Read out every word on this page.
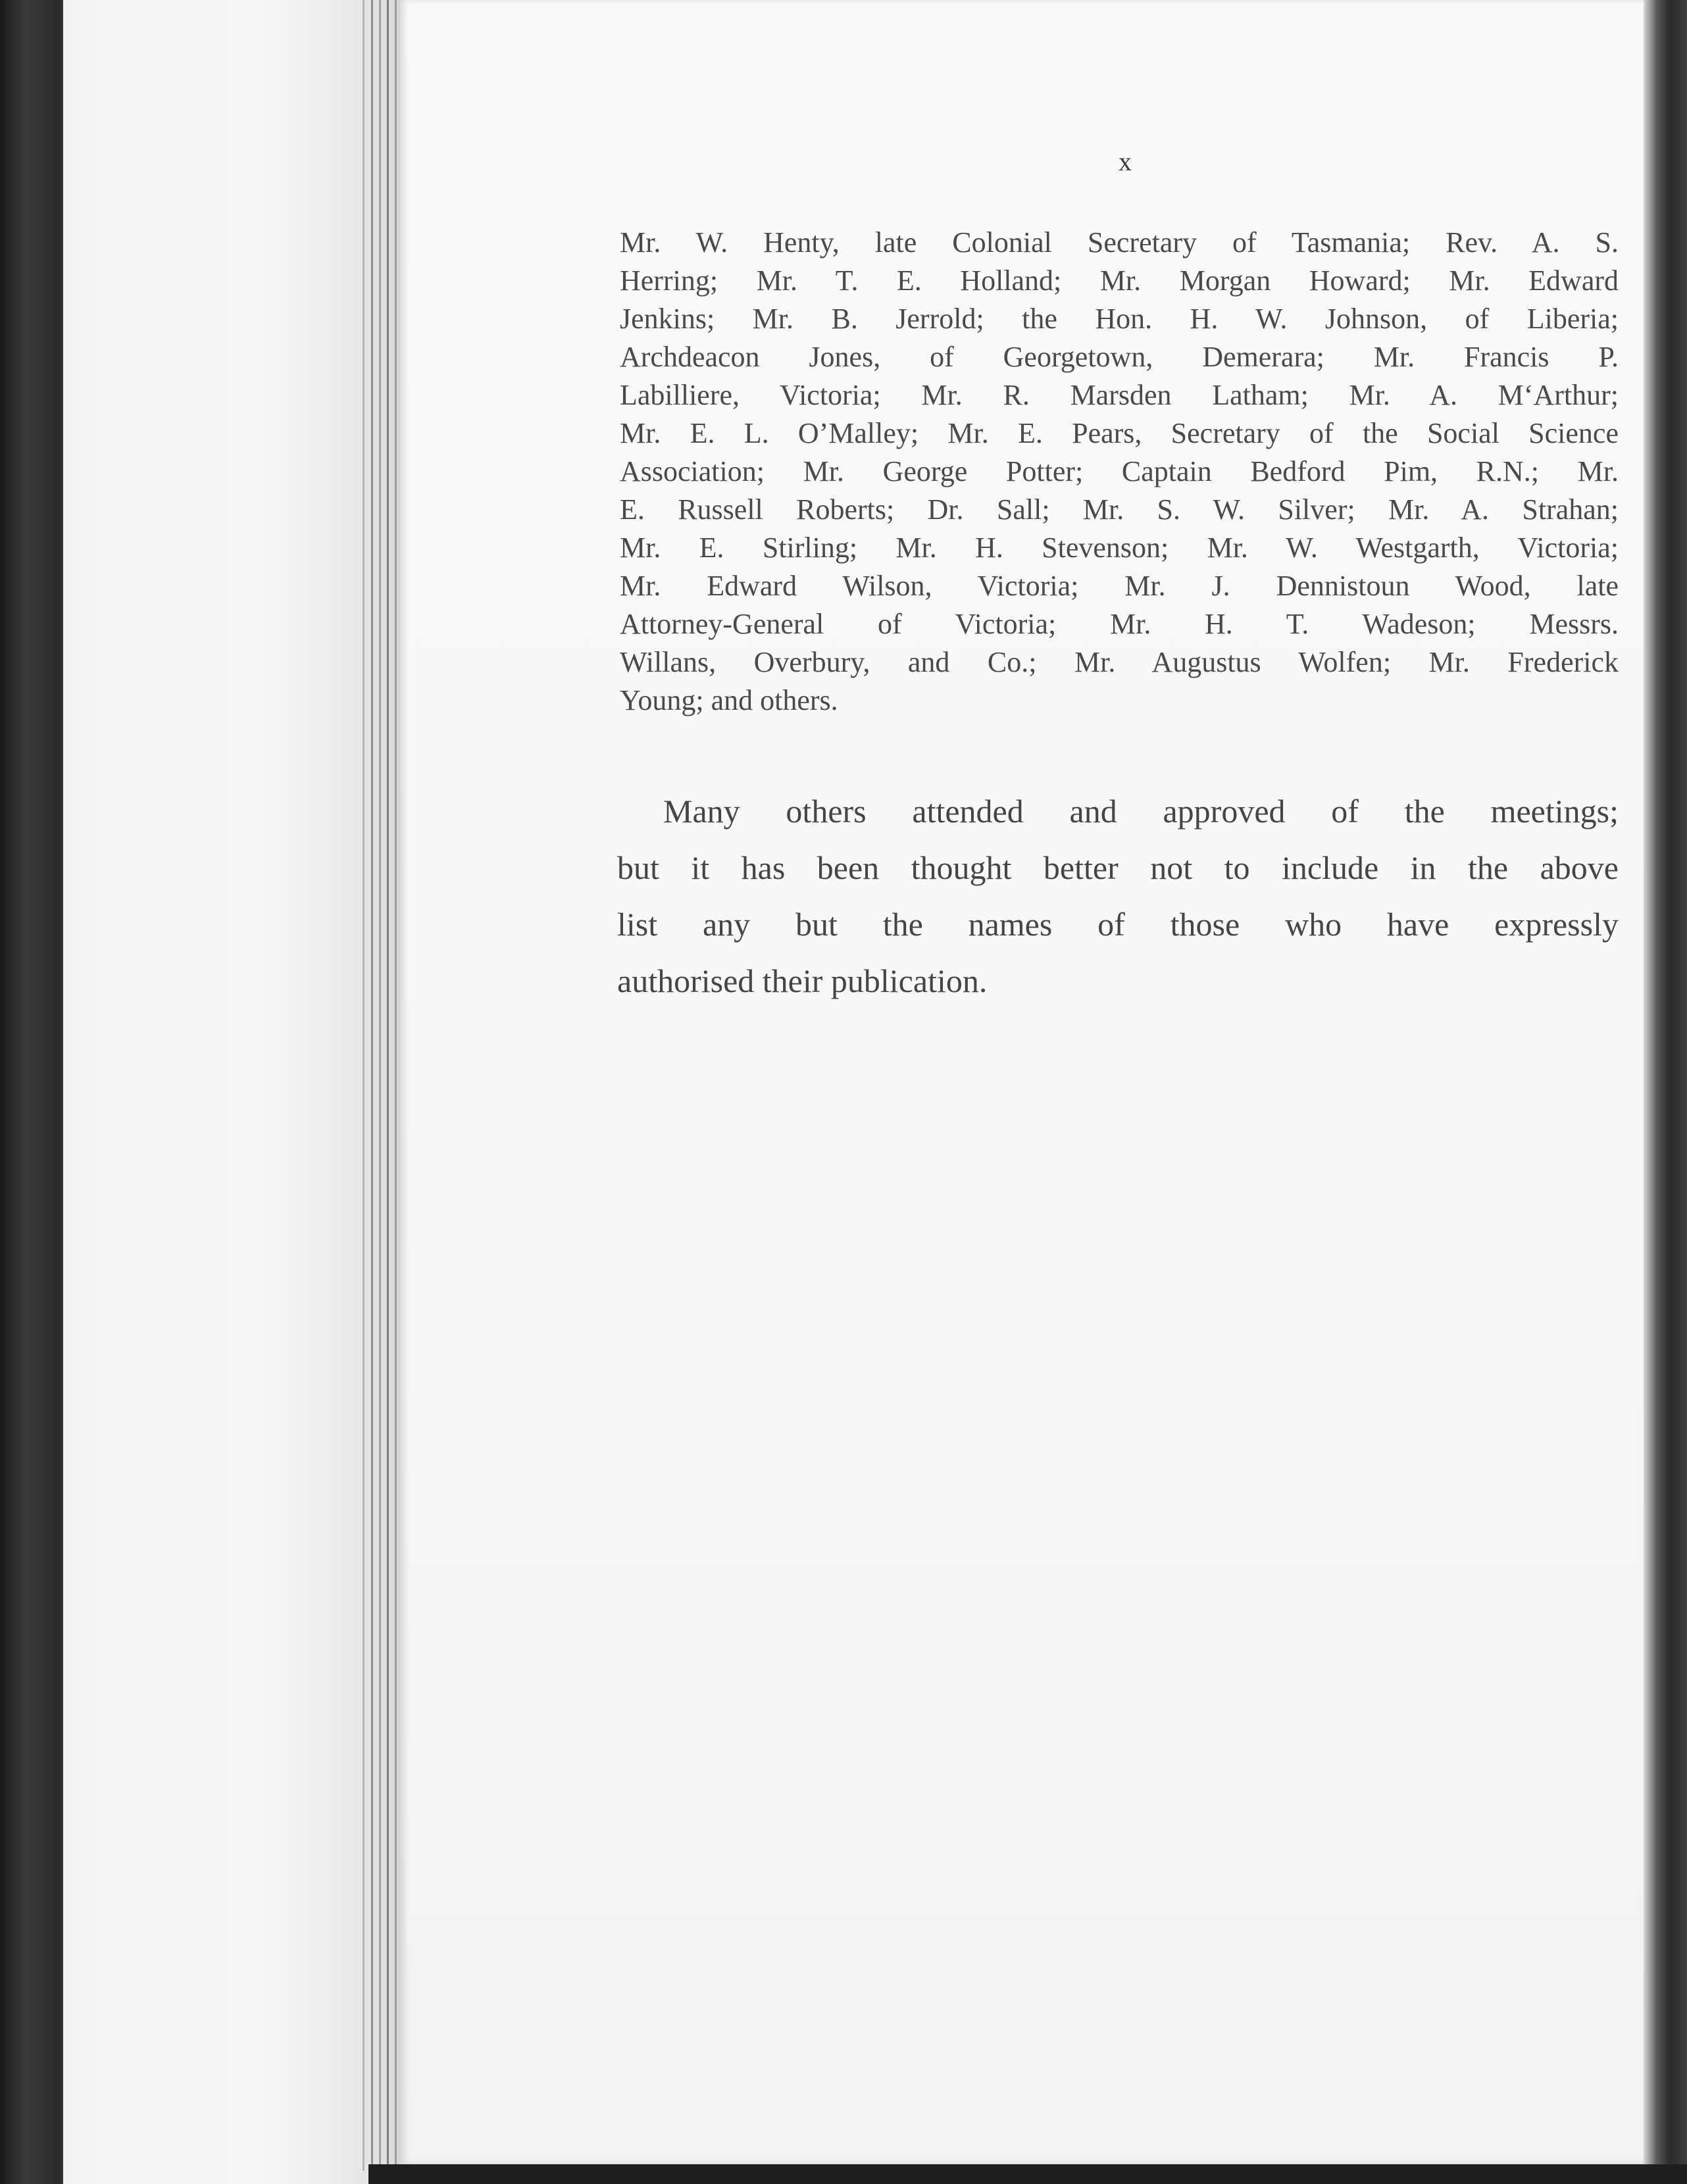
x
Mr. W. Henty, late Colonial Secretary of Tasmania; Rev. A. S.
Herring; Mr. T. E. Holland; Mr. Morgan Howard; Mr. Edward
Jenkins; Mr. B. Jerrold; the Hon. H. W. Johnson, of Liberia;
Archdeacon Jones, of Georgetown, Demerara; Mr. Francis P.
Labilliere, Victoria; Mr. R. Marsden Latham; Mr. A. M‘Arthur;
Mr. E. L. O’Malley; Mr. E. Pears, Secretary of the Social Science
Association; Mr. George Potter; Captain Bedford Pim, R.N.; Mr.
E. Russell Roberts; Dr. Sall; Mr. S. W. Silver; Mr. A. Strahan;
Mr. E. Stirling; Mr. H. Stevenson; Mr. W. Westgarth, Victoria;
Mr. Edward Wilson, Victoria; Mr. J. Dennistoun Wood, late
Attorney-General of Victoria; Mr. H. T. Wadeson; Messrs.
Willans, Overbury, and Co.; Mr. Augustus Wolfen; Mr. Frederick
Young; and others.
Many others attended and approved of the meetings;
but it has been thought better not to include in the above
list any but the names of those who have expressly
authorised their publication.
